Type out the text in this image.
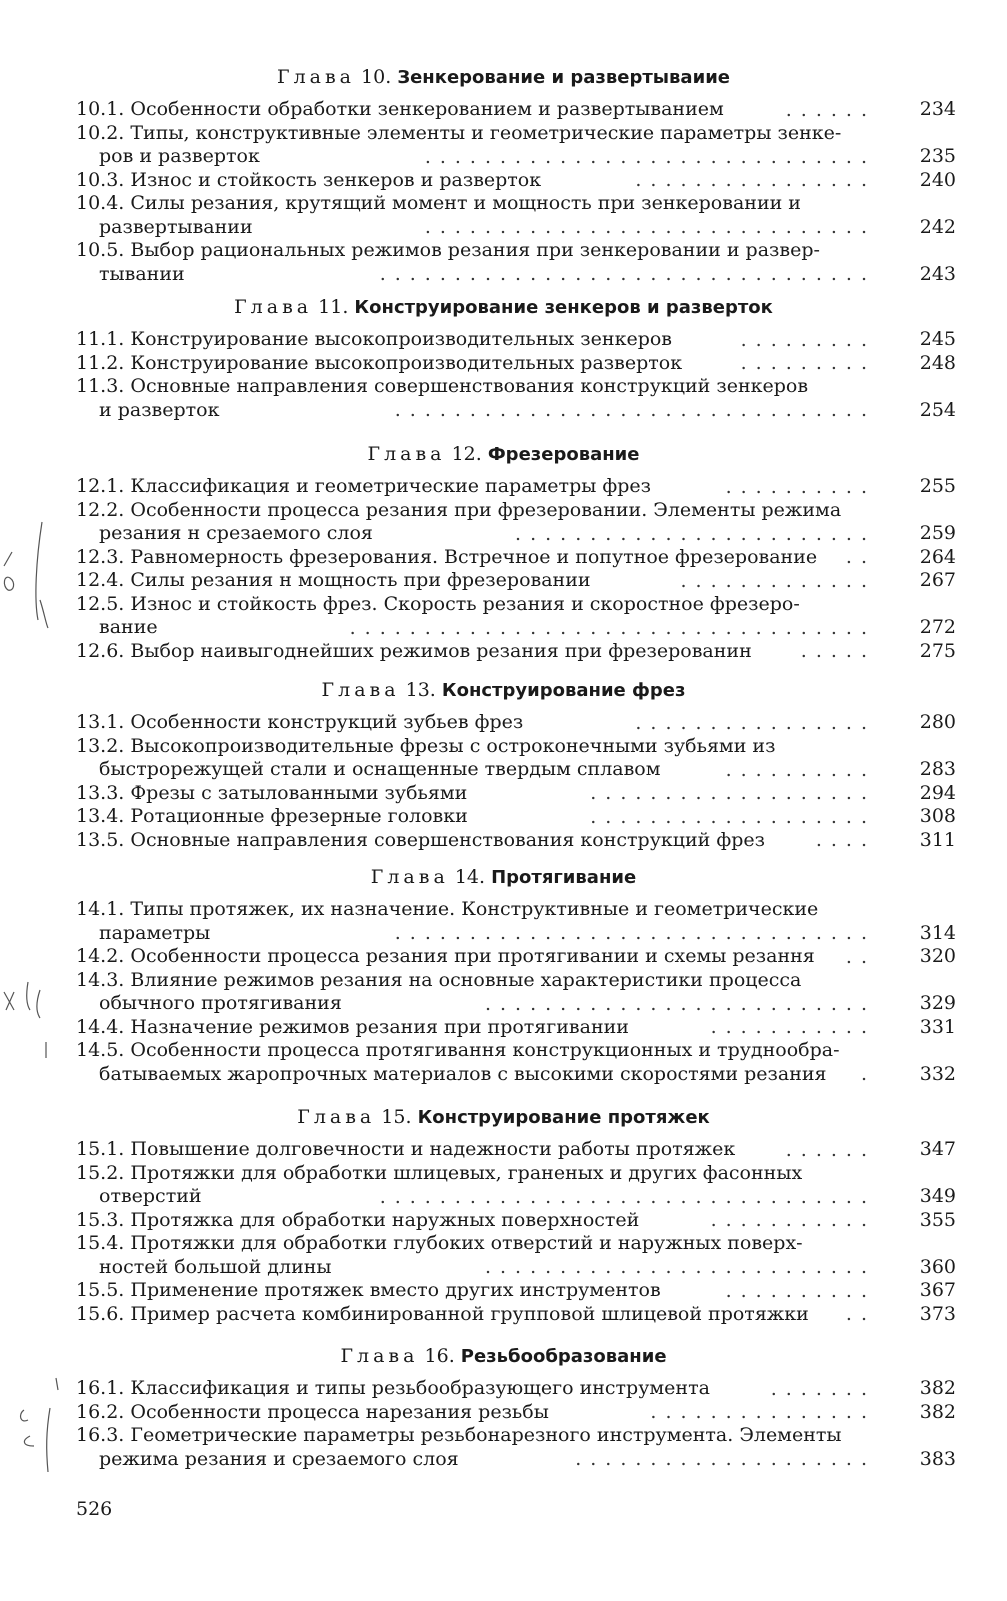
Глава 10. Зенкерование и развертываиие
10.1. Особенности обработки зенкерованием и развертыванием	......	234
10.2. Типы, конструктивные элементы и геометрические параметры зенке-
ров и разверток	..............................	235
10.3. Износ и стойкость зенкеров и разверток	................	240
10.4. Силы резания, крутящий момент и мощность при зенкеровании и
развертывании	..............................	242
10.5. Выбор рациональных режимов резания при зенкеровании и развер-
тывании	.................................	243
Глава 11. Конструирование зенкеров и разверток
11.1. Конструирование высокопроизводительных зенкеров	.........	245
11.2. Конструирование высокопроизводительных разверток	.........	248
11.3. Основные направления совершенствования конструкций зенкеров
и разверток	................................	254
Глава 12. Фрезерование
12.1. Классификация и геометрические параметры фрез	..........	255
12.2. Особенности процесса резания при фрезеровании. Элементы режима
резания н срезаемого слоя	........................	259
12.3. Равномерность фрезерования. Встречное и попутное фрезерование ..	264
12.4. Силы резания н мощность при фрезеровании	.............	267
12.5. Износ и стойкость фрез. Скорость резания и скоростное фрезеро-
вание	...................................	272
12.6. Выбор наивыгоднейших режимов резания при фрезерованин	.....	275
Глава 13. Конструирование фрез
13.1. Особенности конструкций зубьев фрез	................	280
13.2. Высокопроизводительные фрезы с остроконечными зубьями из
быстрорежущей стали и оснащенные твердым сплавом	..........	283
13.3. Фрезы с затылованными зубьями	...................	294
13.4. Ротационные фрезерные головки	...................	308
13.5. Основные направления совершенствования конструкций фрез	....	311
Глава 14. Протягивание
14.1. Типы протяжек, их назначение. Конструктивные и геометрические
параметры	................................	314
14.2. Особенности процесса резания при протягивании и схемы резання ..	320
14.3. Влияние режимов резания на основные характеристики процесса
обычного протягивания	..........................	329
14.4. Назначение режимов резания при протягивании	...........	331
14.5. Особенности процесса протягивання конструкционных и труднообра-
батываемых жаропрочных материалов с высокими скоростями резания .	332
Глава 15. Конструирование протяжек
15.1. Повышение долговечности и надежности работы протяжек	......	347
15.2. Протяжки для обработки шлицевых, граненых и других фасонных
отверстий	.................................	349
15.3. Протяжка для обработки наружных поверхностей	...........	355
15.4. Протяжки для обработки глубоких отверстий и наружных поверх-
ностей большой длины	..........................	360
15.5. Применение протяжек вместо других инструментов	..........	367
15.6. Пример расчета комбинированной групповой шлицевой протяжки ..	373
Глава 16. Резьбообразование
16.1. Классификация и типы резьбообразующего инструмента	.......	382
16.2. Особенности процесса нарезания резьбы	...............	382
16.3. Геометрические параметры резьбонарезного инструмента. Элементы
режима резания и срезаемого слоя	....................	383
526
